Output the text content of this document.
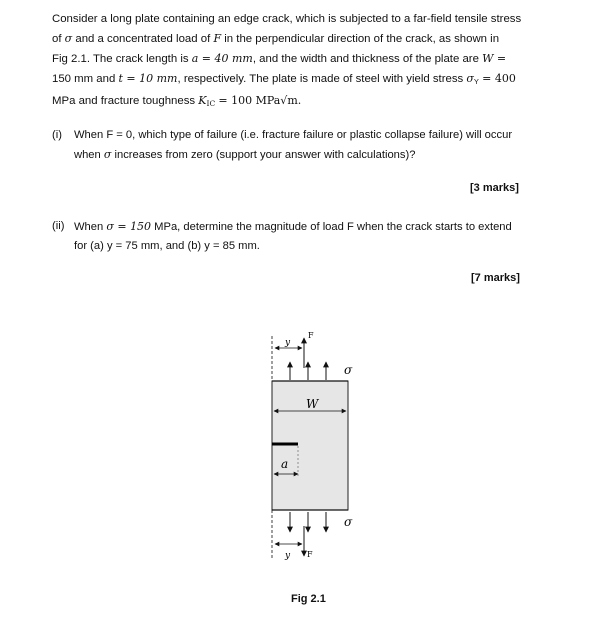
Consider a long plate containing an edge crack, which is subjected to a far-field tensile stress
of σ and a concentrated load of F in the perpendicular direction of the crack, as shown in
Fig 2.1. The crack length is a = 40 mm, and the width and thickness of the plate are W =
150 mm and t = 10 mm, respectively. The plate is made of steel with yield stress $\sigma_Y = 400$
MPa and fracture toughness $K_{IC} = 100$ MPa√m.
(i) When F = 0, which type of failure (i.e. fracture failure or plastic collapse failure) will occur
when σ increases from zero (support your answer with calculations)?
[3 marks]
(ii) When σ = 150 MPa, determine the magnitude of load F when the crack starts to extend
for (a) y = 75 mm, and (b) y = 85 mm.
[7 marks]
W
a
σ
F
y
σ
F
y
Fig 2.1
